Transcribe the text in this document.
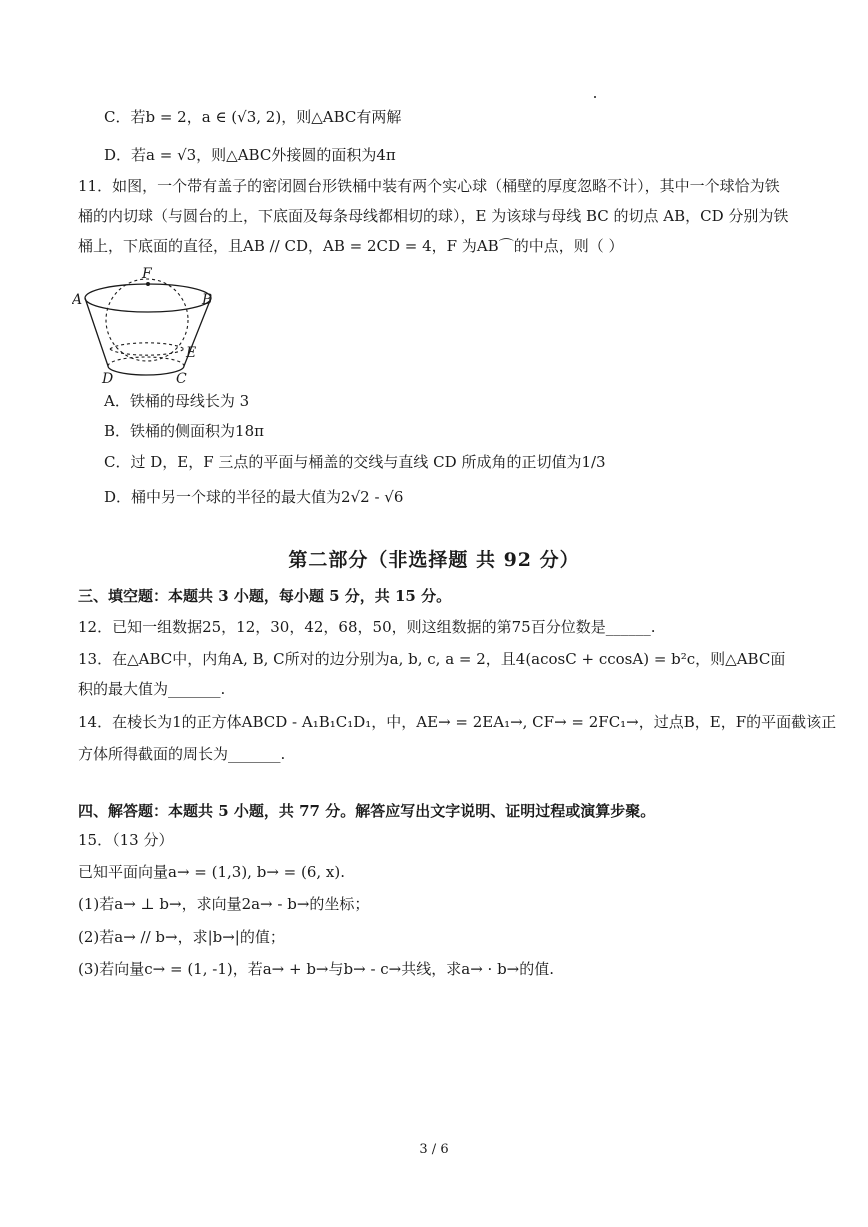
C．若b = 2，a ∈ (√3, 2)，则△ABC有两解
D．若a = √3，则△ABC外接圆的面积为4π
11．如图，一个带有盖子的密闭圆台形铁桶中装有两个实心球（桶壁的厚度忽略不计），其中一个球恰为铁
桶的内切球（与圆台的上，下底面及每条母线都相切的球），E 为该球与母线 BC 的切点 AB，CD 分别为铁
桶上，下底面的直径，且AB // CD，AB = 2CD = 4，F 为AB⌒的中点，则（ ）
F
A	B
E
D	C
A．铁桶的母线长为 3
B．铁桶的侧面积为18π
C．过 D，E，F 三点的平面与桶盖的交线与直线 CD 所成角的正切值为1/3
D．桶中另一个球的半径的最大值为2√2 - √6
第二部分（非选择题 共 92 分）
三、填空题：本题共 3 小题，每小题 5 分，共 15 分。
12．已知一组数据25，12，30，42，68，50，则这组数据的第75百分位数是______.
13．在△ABC中，内角A, B, C所对的边分别为a, b, c, a = 2，且4(acosC + ccosA) = b²c，则△ABC面
积的最大值为_______.
14．在棱长为1的正方体ABCD - A₁B₁C₁D₁，中，AE→ = 2EA₁→, CF→ = 2FC₁→，过点B，E，F的平面截该正
方体所得截面的周长为_______.
四、解答题：本题共 5 小题，共 77 分。解答应写出文字说明、证明过程或演算步聚。
15．（13 分）
已知平面向量a→ = (1,3), b→ = (6, x).
(1)若a→ ⊥ b→，求向量2a→ - b→的坐标；
(2)若a→ // b→，求|b→|的值；
(3)若向量c→ = (1, -1)，若a→ + b→与b→ - c→共线，求a→ · b→的值.
3 / 6
